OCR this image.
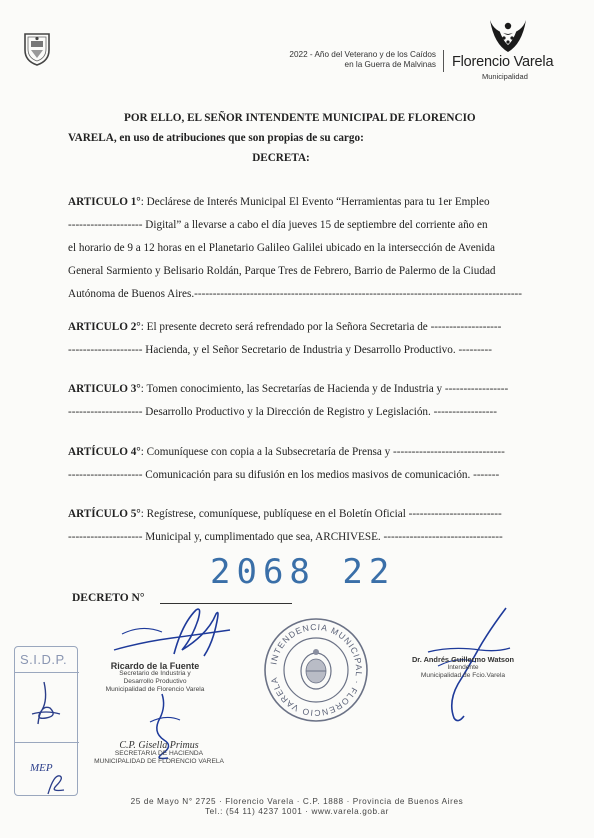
2022 - Año del Veterano y de los Caídos
en la Guerra de Malvinas Florencio Varela
Municipalidad
POR ELLO, EL SEÑOR INTENDENTE MUNICIPAL DE FLORENCIO
VARELA, en uso de atribuciones que son propias de su cargo:
DECRETA:
ARTICULO 1°: Declárese de Interés Municipal El Evento “Herramientas para tu 1er Empleo
-------------------- Digital” a llevarse a cabo el día jueves 15 de septiembre del corriente año en
el horario de 9 a 12 horas en el Planetario Galileo Galilei ubicado en la intersección de Avenida
General Sarmiento y Belisario Roldán, Parque Tres de Febrero, Barrio de Palermo de la Ciudad
Autónoma de Buenos Aires.----------------------------------------------------------------------------------------
ARTICULO 2°: El presente decreto será refrendado por la Señora Secretaria de -------------------
-------------------- Hacienda, y el Señor Secretario de Industria y Desarrollo Productivo. ---------
ARTICULO 3°: Tomen conocimiento, las Secretarías de Hacienda y de Industria y -----------------
-------------------- Desarrollo Productivo y la Dirección de Registro y Legislación. -----------------
ARTÍCULO 4°: Comuníquese con copia a la Subsecretaría de Prensa y ------------------------------
-------------------- Comunicación para su difusión en los medios masivos de comunicación. -------
ARTÍCULO 5°: Regístrese, comuníquese, publíquese en el Boletín Oficial -------------------------
-------------------- Municipal y, cumplimentado que sea, ARCHIVESE. --------------------------------
2068 22
DECRETO N°
S.I.D.P.
MEP
Ricardo de la Fuente
Secretario de Industria y
Desarrollo Productivo
Municipalidad de Florencio Varela
C.P. Gisella Primus
SECRETARIA DE HACIENDA
MUNICIPALIDAD DE FLORENCIO VARELA
INTENDENCIA MUNICIPAL · FLORENCIO VARELA
Dr. Andrés Guillermo Watson
Intendente
Municipalidad de Fcio.Varela
25 de Mayo N° 2725 · Florencio Varela · C.P. 1888 · Provincia de Buenos Aires
Tel.: (54 11) 4237 1001 · www.varela.gob.ar
